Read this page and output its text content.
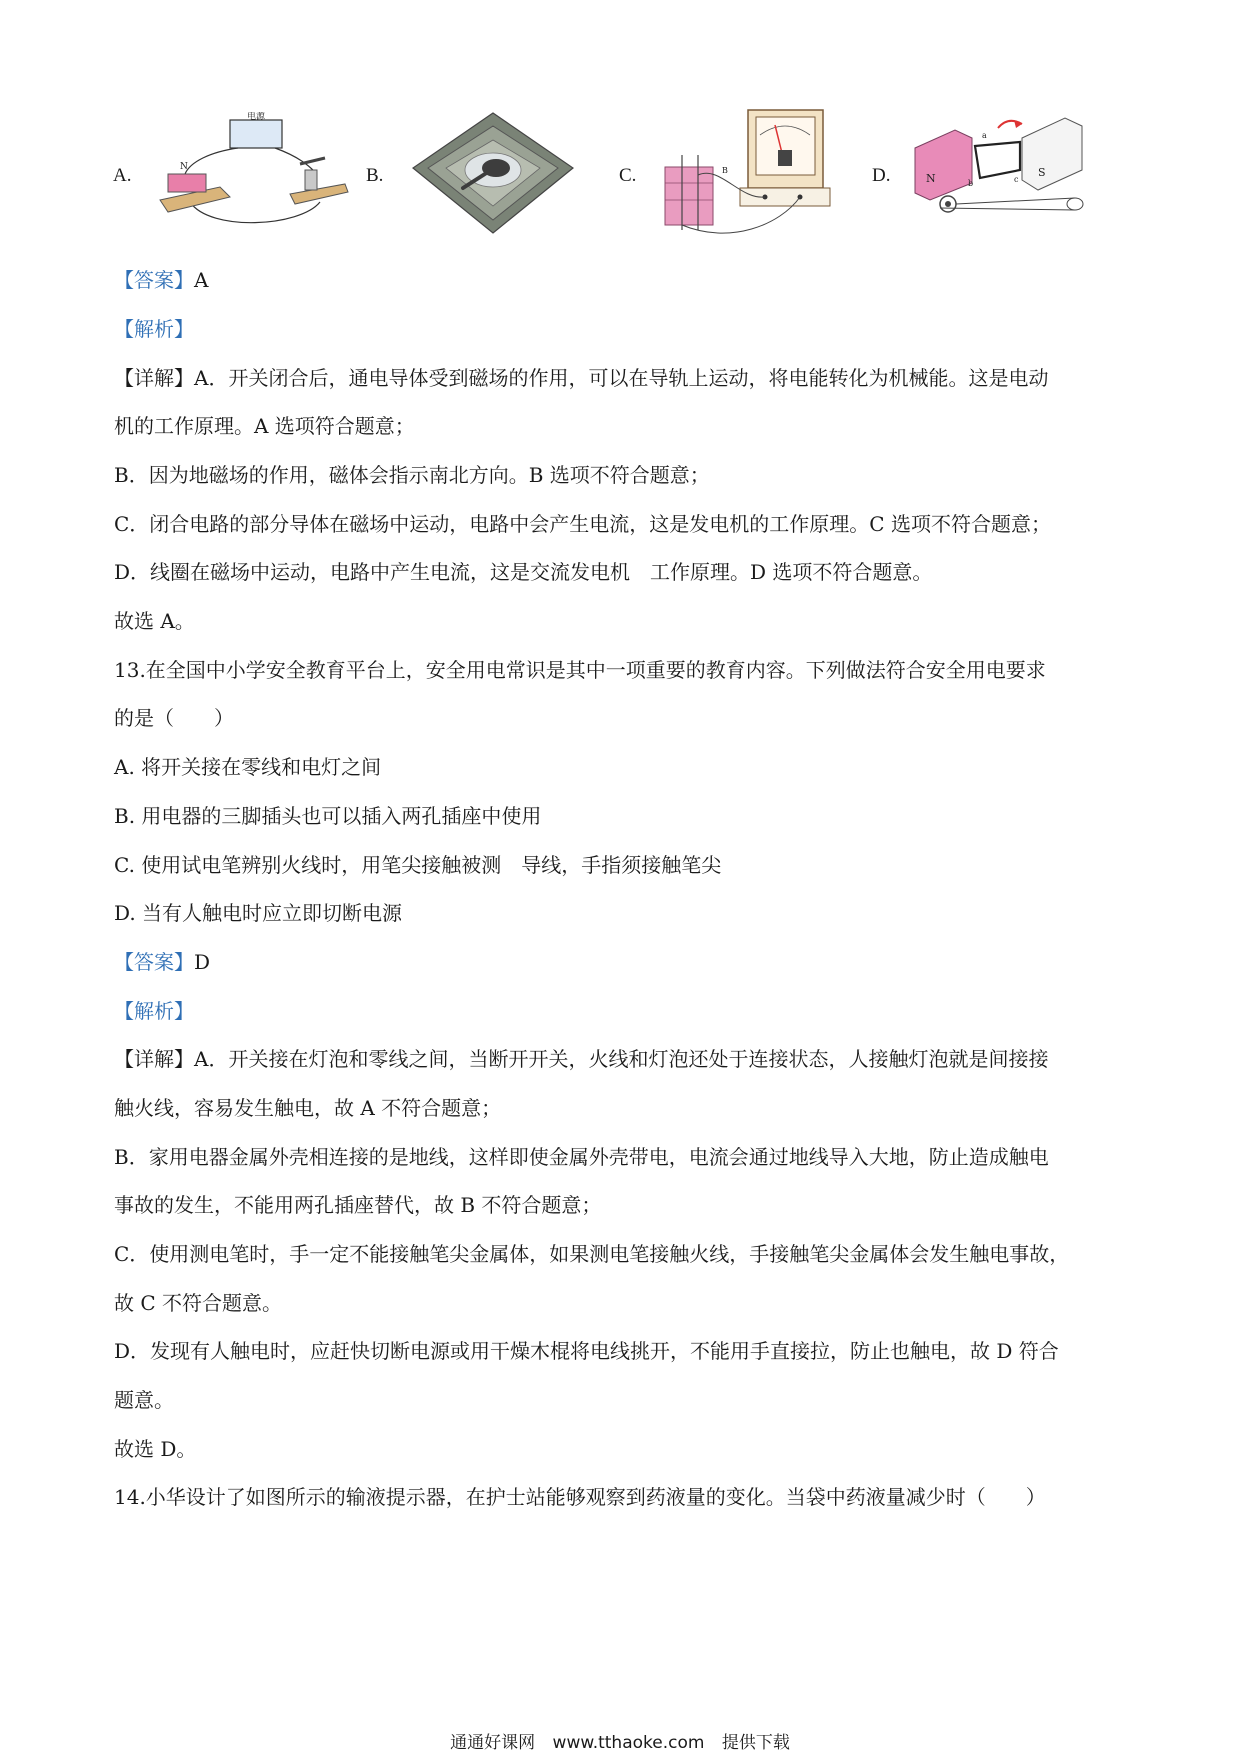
A.	B.	C.	D.
电源
N	B
N	S
a
b	c
【答案】A
【解析】
【详解】A．开关闭合后，通电导体受到磁场的作用，可以在导轨上运动，将电能转化为机械能。这是电动
机的工作原理。A 选项符合题意；
B．因为地磁场的作用，磁体会指示南北方向。B 选项不符合题意；
C．闭合电路的部分导体在磁场中运动，电路中会产生电流，这是发电机的工作原理。C 选项不符合题意；
D．线圈在磁场中运动，电路中产生电流，这是交流发电机　工作原理。D 选项不符合题意。
故选 A。
13.在全国中小学安全教育平台上，安全用电常识是其中一项重要的教育内容。下列做法符合安全用电要求
的是（　　）
A. 将开关接在零线和电灯之间
B. 用电器的三脚插头也可以插入两孔插座中使用
C. 使用试电笔辨别火线时，用笔尖接触被测　导线，手指须接触笔尖
D. 当有人触电时应立即切断电源
【答案】D
【解析】
【详解】A．开关接在灯泡和零线之间，当断开开关，火线和灯泡还处于连接状态，人接触灯泡就是间接接
触火线，容易发生触电，故 A 不符合题意；
B．家用电器金属外壳相连接的是地线，这样即使金属外壳带电，电流会通过地线导入大地，防止造成触电
事故的发生，不能用两孔插座替代，故 B 不符合题意；
C．使用测电笔时，手一定不能接触笔尖金属体，如果测电笔接触火线，手接触笔尖金属体会发生触电事故，
故 C 不符合题意。
D．发现有人触电时，应赶快切断电源或用干燥木棍将电线挑开，不能用手直接拉，防止也触电，故 D 符合
题意。
故选 D。
14.小华设计了如图所示的输液提示器，在护士站能够观察到药液量的变化。当袋中药液量减少时（　　）
通通好课网 www.tthaoke.com 提供下载
